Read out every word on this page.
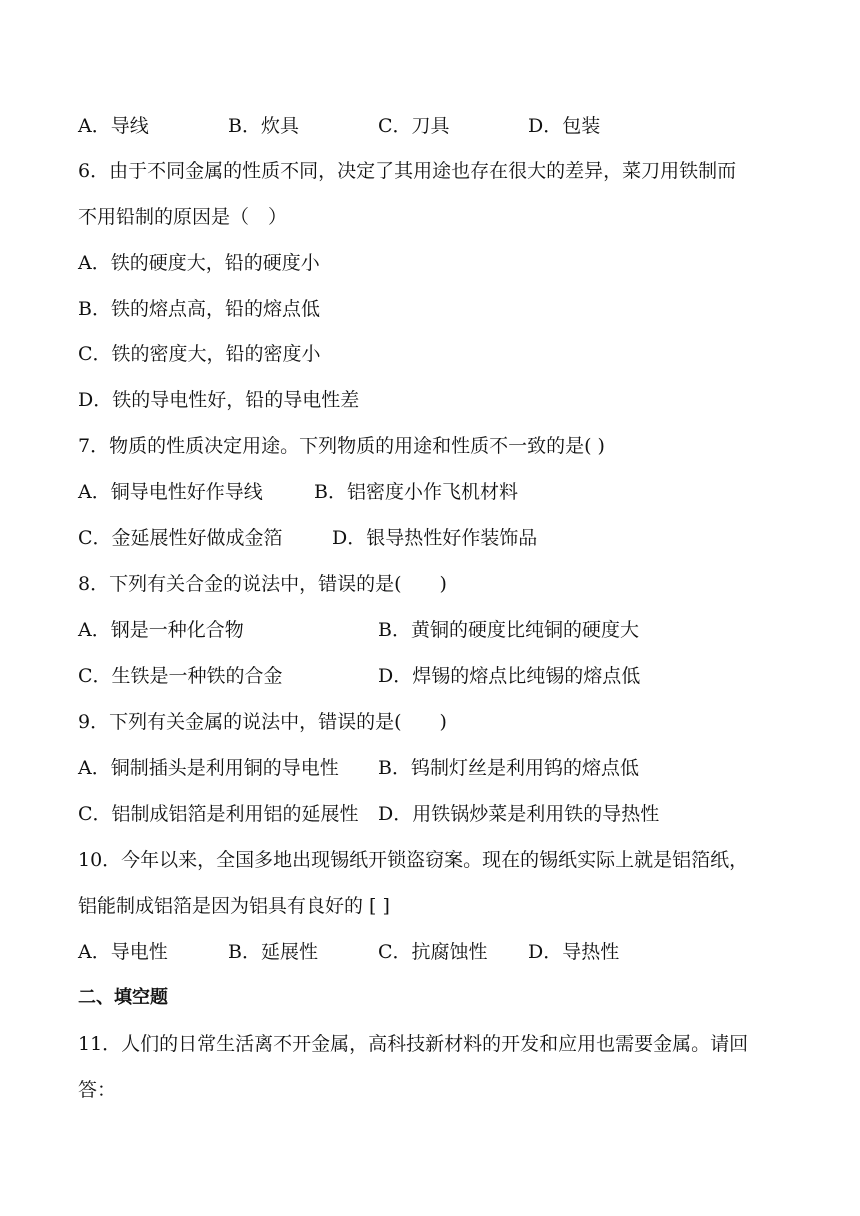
A．导线	B．炊具	C．刀具	D．包装
6．由于不同金属的性质不同，决定了其用途也存在很大的差异，菜刀用铁制而
不用铅制的原因是（　）
A．铁的硬度大，铅的硬度小
B．铁的熔点高，铅的熔点低
C．铁的密度大，铅的密度小
D．铁的导电性好，铅的导电性差
7．物质的性质决定用途。下列物质的用途和性质不一致的是( )
A．铜导电性好作导线	B．铝密度小作飞机材料
C．金延展性好做成金箔	D．银导热性好作装饰品
8．下列有关合金的说法中，错误的是(　　)
A．钢是一种化合物	B．黄铜的硬度比纯铜的硬度大
C．生铁是一种铁的合金	D．焊锡的熔点比纯锡的熔点低
9．下列有关金属的说法中，错误的是(　　)
A．铜制插头是利用铜的导电性 B．钨制灯丝是利用钨的熔点低
C．铝制成铝箔是利用铝的延展性 D．用铁锅炒菜是利用铁的导热性
10．今年以来，全国多地出现锡纸开锁盗窃案。现在的锡纸实际上就是铝箔纸，
铝能制成铝箔是因为铝具有良好的 [ ]
A．导电性	B．延展性	C．抗腐蚀性 D．导热性
二、填空题
11．人们的日常生活离不开金属，高科技新材料的开发和应用也需要金属。请回
答：
